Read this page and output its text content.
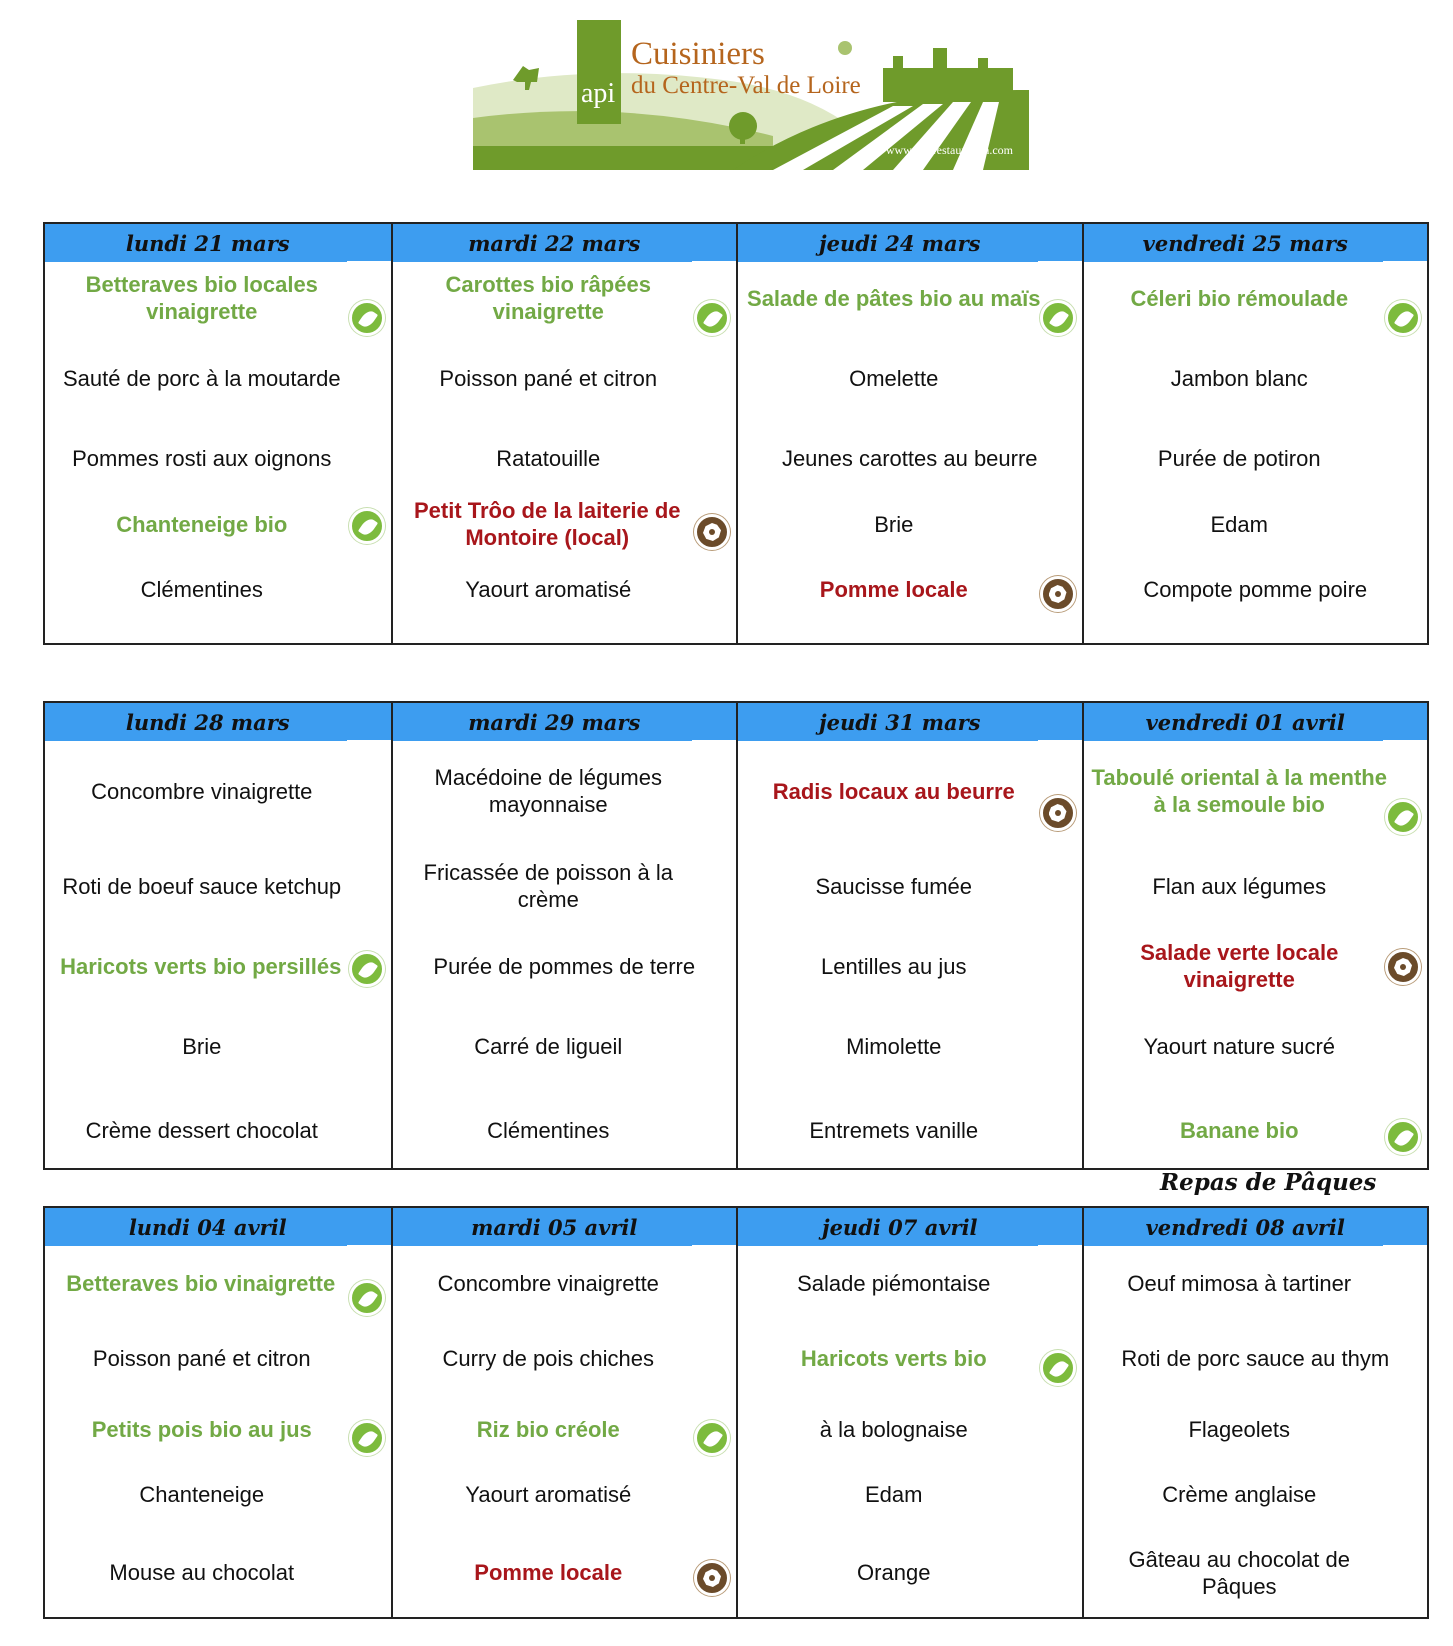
Cuisiniers
du Centre-Val de Loire
api
www.api-restauration.com
lundi 21 mars
Betteraves bio locales vinaigrette
Sauté de porc à la moutarde
Pommes rosti aux oignons
Chanteneige bio
Clémentines
mardi 22 mars
Carottes bio râpées vinaigrette
Poisson pané et citron
Ratatouille
Petit Trôo de la laiterie de Montoire (local)
Yaourt aromatisé
jeudi 24 mars
Salade de pâtes bio au maïs
Omelette
Jeunes carottes au beurre
Brie
Pomme locale
vendredi 25 mars
Céleri bio rémoulade
Jambon blanc
Purée de potiron
Edam
Compote pomme poire
lundi 28 mars
Concombre vinaigrette
Roti de boeuf sauce ketchup
Haricots verts bio persillés
Brie
Crème dessert chocolat
mardi 29 mars
Macédoine de légumes mayonnaise
Fricassée de poisson à la crème
Purée de pommes de terre
Carré de ligueil
Clémentines
jeudi 31 mars
Radis locaux au beurre
Saucisse fumée
Lentilles au jus
Mimolette
Entremets vanille
vendredi 01 avril
Taboulé oriental à la menthe à la semoule bio
Flan aux légumes
Salade verte locale vinaigrette
Yaourt nature sucré
Banane bio
Repas de Pâques
lundi 04 avril
Betteraves bio vinaigrette
Poisson pané et citron
Petits pois bio au jus
Chanteneige
Mouse au chocolat
mardi 05 avril
Concombre vinaigrette
Curry de pois chiches
Riz bio créole
Yaourt aromatisé
Pomme locale
jeudi 07 avril
Salade piémontaise
Haricots verts bio
à la bolognaise
Edam
Orange
vendredi 08 avril
Oeuf mimosa à tartiner
Roti de porc sauce au thym
Flageolets
Crème anglaise
Gâteau au chocolat de Pâques
